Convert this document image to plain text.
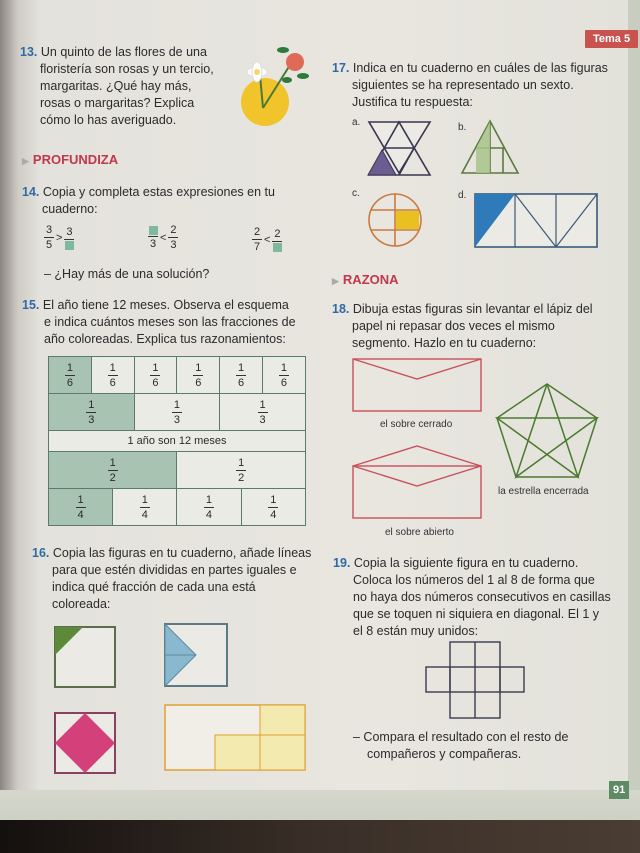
Tema 5
13. Un quinto de las flores de una
floristería son rosas y un tercio,
margaritas. ¿Qué hay más,
rosas o margaritas? Explica
cómo lo has averiguado.
▶ PROFUNDIZA
14. Copia y completa estas expresiones en tu
cuaderno:
$\frac{3}{5} > 3$
$3 < \frac{2}{3}$	$\frac{2}{7} < 2$
– ¿Hay más de una solución?
15. El año tiene 12 meses. Observa el esquema
e indica cuántos meses son las fracciones de
año coloreadas. Explica tus razonamientos:
$\frac{1}{6}$	$\frac{1}{6}$		$\frac{1}{6}$	$\frac{1}{6}$	$\frac{1}{6}$		$\frac{1}{6}$

$\frac{1}{3}$			$\frac{1}{3}$		$\frac{1}{3}$

1 año son 12 meses							

$\frac{1}{2}$				$\frac{1}{2}$

$\frac{1}{4}$		$\frac{1}{4}$		$\frac{1}{4}$		$\frac{1}{4}$
16. Copia las figuras en tu cuaderno, añade líneas
para que estén divididas en partes iguales e
indica qué fracción de cada una está
coloreada:
17. Indica en tu cuaderno en cuáles de las figuras
siguientes se ha representado un sexto.
Justifica tu respuesta:
a.	b.
c.	d.
▶ RAZONA
18. Dibuja estas figuras sin levantar el lápiz del
papel ni repasar dos veces el mismo
segmento. Hazlo en tu cuaderno:
el sobre cerrado
el sobre abierto
la estrella encerrada
19. Copia la siguiente figura en tu cuaderno.
Coloca los números del 1 al 8 de forma que
no haya dos números consecutivos en casillas
que se toquen ni siquiera en diagonal. El 1 y
el 8 están muy unidos:
– Compara el resultado con el resto de
compañeros y compañeras.
91
